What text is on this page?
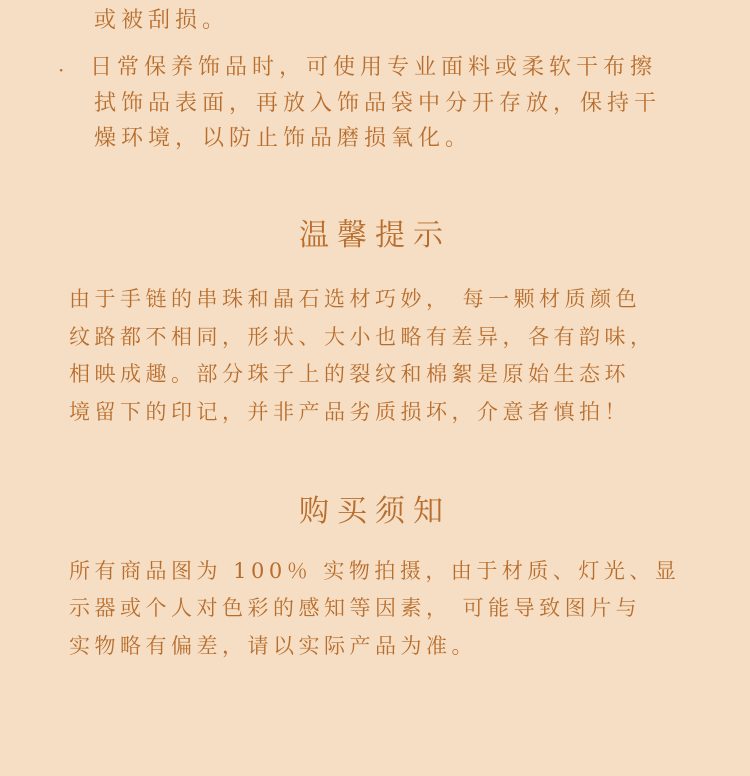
或被刮损。
· 日常保养饰品时，可使用专业面料或柔软干布擦
拭饰品表面，再放入饰品袋中分开存放，保持干
燥环境，以防止饰品磨损氧化。
温馨提示
由于手链的串珠和晶石选材巧妙， 每一颗材质颜色
纹路都不相同，形状、大小也略有差异，各有韵味，
相映成趣。部分珠子上的裂纹和棉絮是原始生态环
境留下的印记，并非产品劣质损坏，介意者慎拍！
购买须知
所有商品图为 100％ 实物拍摄，由于材质、灯光、显
示器或个人对色彩的感知等因素， 可能导致图片与
实物略有偏差，请以实际产品为准。
